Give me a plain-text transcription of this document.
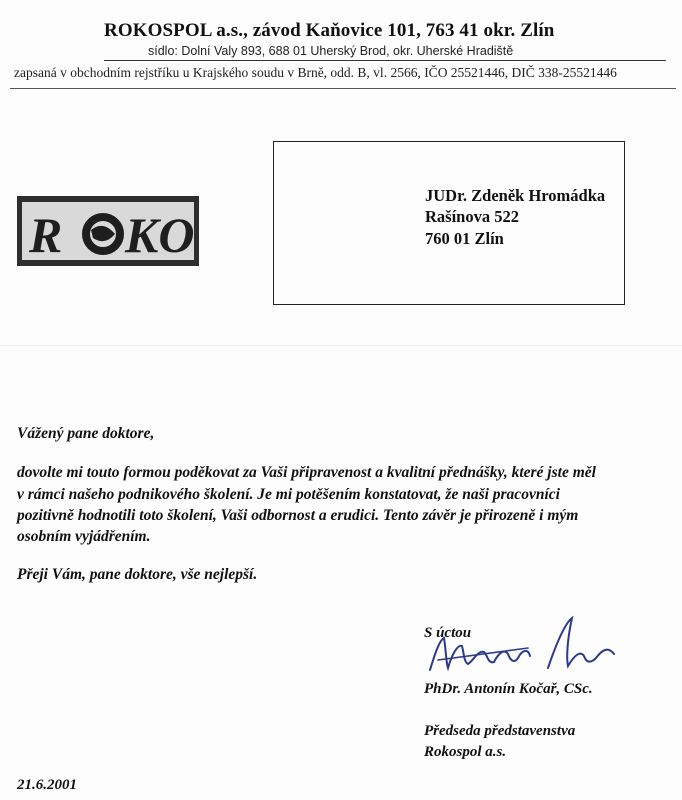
ROKOSPOL a.s., závod Kaňovice 101, 763 41 okr. Zlín
sídlo: Dolní Valy 893, 688 01 Uherský Brod, okr. Uherské Hradiště
zapsaná v obchodním rejstříku u Krajského soudu v Brně, odd. B, vl. 2566, IČO 25521446, DIČ 338-25521446
R KO
JUDr. Zdeněk Hromádka
Rašínova 522
760 01 Zlín
Vážený pane doktore,
dovolte mi touto formou poděkovat za Vaši připravenost a kvalitní přednášky, které jste měl
v rámci našeho podnikového školení. Je mi potěšením konstatovat, že naši pracovníci
pozitivně hodnotili toto školení, Vaši odbornost a erudici. Tento závěr je přirozeně i mým
osobním vyjádřením.
Přeji Vám, pane doktore, vše nejlepší.
S úctou
PhDr. Antonín Kočař, CSc.
Předseda představenstva
Rokospol a.s.
21.6.2001
